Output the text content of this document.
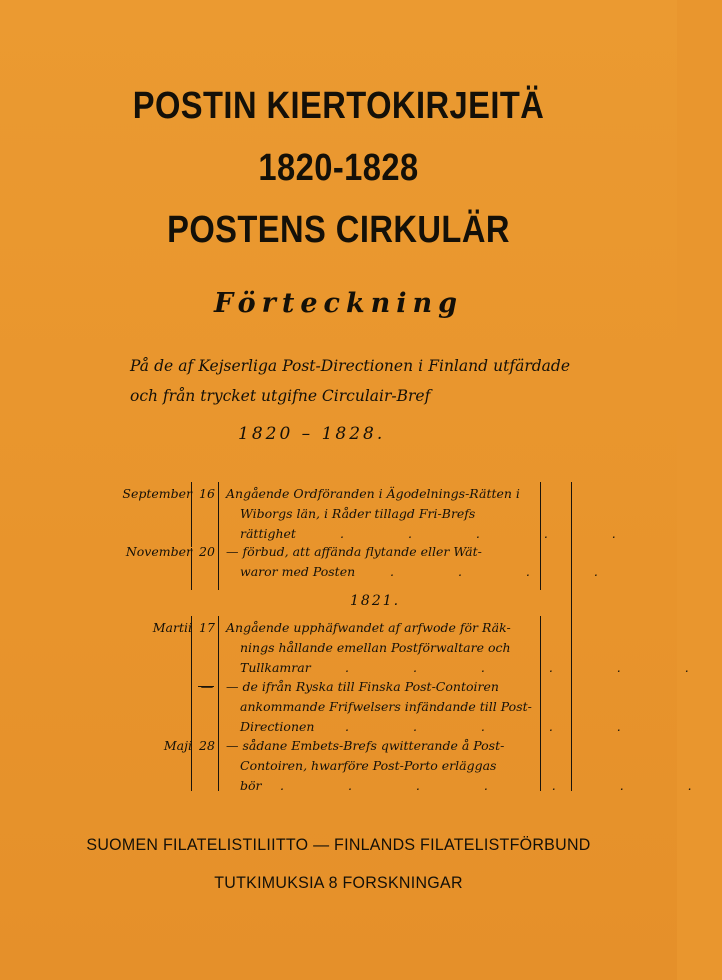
POSTIN KIERTOKIRJEITÄ
1820-1828
POSTENS CIRKULÄR
Förteckning
På de af Kejserliga Post-Directionen i Finland utfärdade och från trycket utgifne Circulair-Bref
1820 – 1828.
September 16 Angående Ordföranden i Ägodelnings-Rätten i
Wiborgs län, i Råder tillagd Fri-Brefs
rättighet	. . . . .
November 20 — förbud, att affända flytande eller Wät-
waror med Posten	. . . .
1821.
Martii 17 Angående upphäfwandet af arfwode för Räk-
nings hållande emellan Postförwaltare och
Tullkamrar	. . . . . .
—	— de ifrån Ryska till Finska Post-Contoiren
ankommande Frifwelsers infändande till Post-
Directionen . . . . .
Maji 28 — sådane Embets-Brefs qwitterande å Post-
Contoiren, hwarföre Post-Porto erläggas
bör . . . . . . .
SUOMEN FILATELISTILIITTO — FINLANDS FILATELISTFÖRBUND
TUTKIMUKSIA 8 FORSKNINGAR
